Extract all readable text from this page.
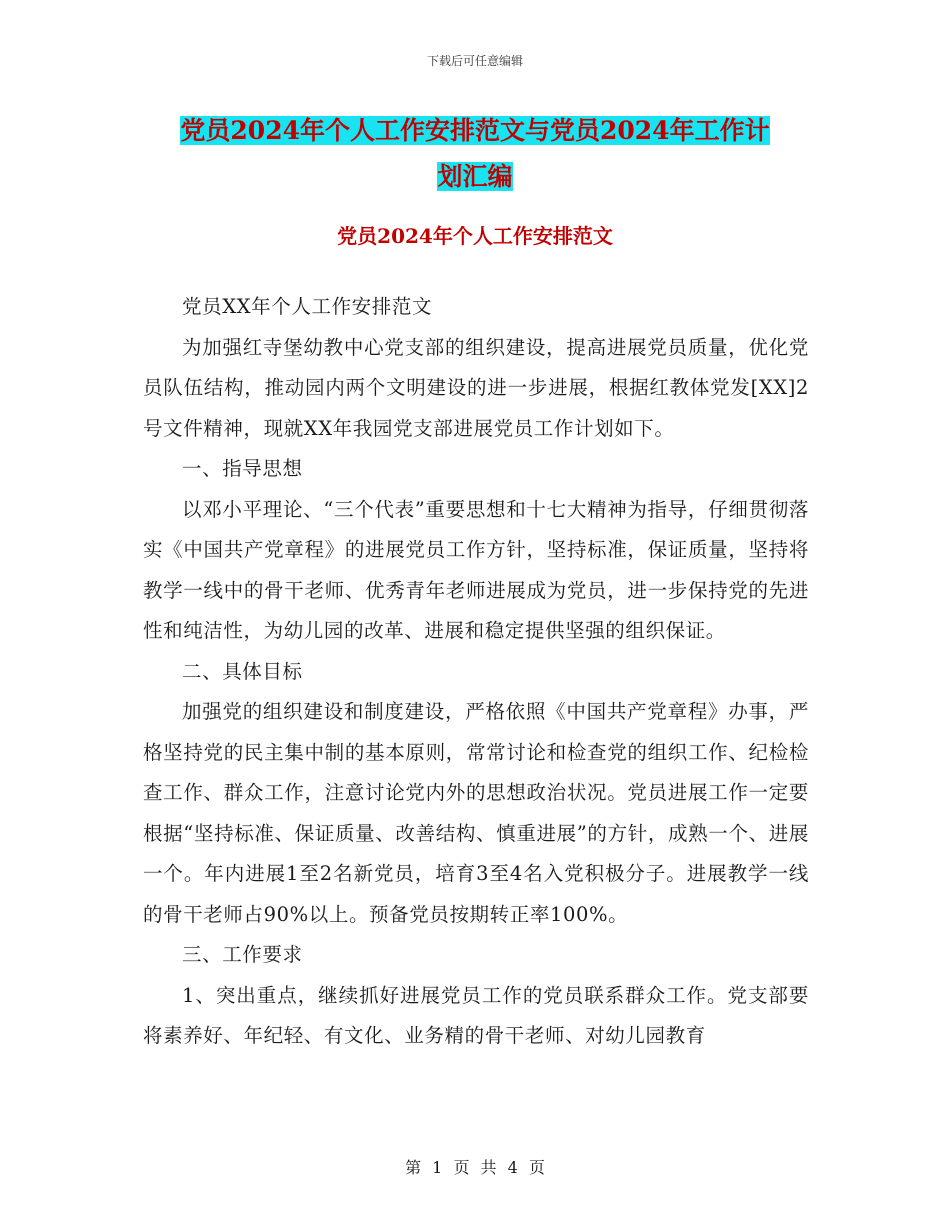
下载后可任意编辑
党员2024年个人工作安排范文与党员2024年工作计
划汇编
党员2024年个人工作安排范文

党员XX年个人工作安排范文

为加强红寺堡幼教中心党支部的组织建设，提高进展党员质量，优化党员队伍结构，推动园内两个文明建设的进一步进展，根据红教体党发[XX]2号文件精神，现就XX年我园党支部进展党员工作计划如下。

一、指导思想

以邓小平理论、“三个代表”重要思想和十七大精神为指导，仔细贯彻落实《中国共产党章程》的进展党员工作方针，坚持标准，保证质量，坚持将教学一线中的骨干老师、优秀青年老师进展成为党员，进一步保持党的先进性和纯洁性，为幼儿园的改革、进展和稳定提供坚强的组织保证。

二、具体目标

加强党的组织建设和制度建设，严格依照《中国共产党章程》办事，严格坚持党的民主集中制的基本原则，常常讨论和检查党的组织工作、纪检检查工作、群众工作，注意讨论党内外的思想政治状况。党员进展工作一定要根据“坚持标准、保证质量、改善结构、慎重进展”的方针，成熟一个、进展一个。年内进展1至2名新党员，培育3至4名入党积极分子。进展教学一线的骨干老师占90%以上。预备党员按期转正率100%。

三、工作要求

1、突出重点，继续抓好进展党员工作的党员联系群众工作。党支部要将素养好、年纪轻、有文化、业务精的骨干老师、对幼儿园教育

第 1 页 共 4 页
